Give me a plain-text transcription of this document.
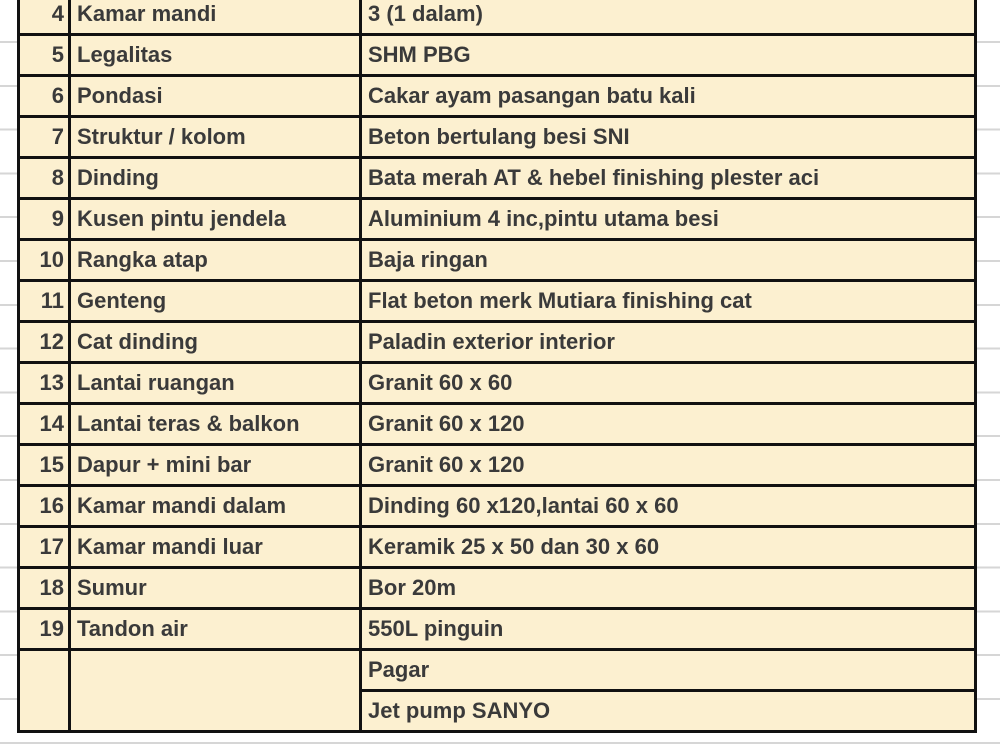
4	Kamar mandi	3 (1 dalam)
5	Legalitas	SHM PBG
6	Pondasi	Cakar ayam pasangan batu kali
7	Struktur / kolom	Beton bertulang besi SNI
8	Dinding	Bata merah AT & hebel finishing plester aci
9	Kusen pintu jendela	Aluminium 4 inc,pintu utama besi
10	Rangka atap	Baja ringan
11	Genteng	Flat beton merk Mutiara finishing cat
12	Cat dinding	Paladin exterior interior
13	Lantai ruangan	Granit 60 x 60
14	Lantai teras & balkon	Granit 60 x 120
15	Dapur + mini bar	Granit 60 x 120
16	Kamar mandi dalam	Dinding 60 x120,lantai 60 x 60
17	Kamar mandi luar	Keramik 25 x 50 dan 30 x 60
18	Sumur	Bor 20m
19	Tandon air	550L pinguin
		Pagar
		Jet pump SANYO
